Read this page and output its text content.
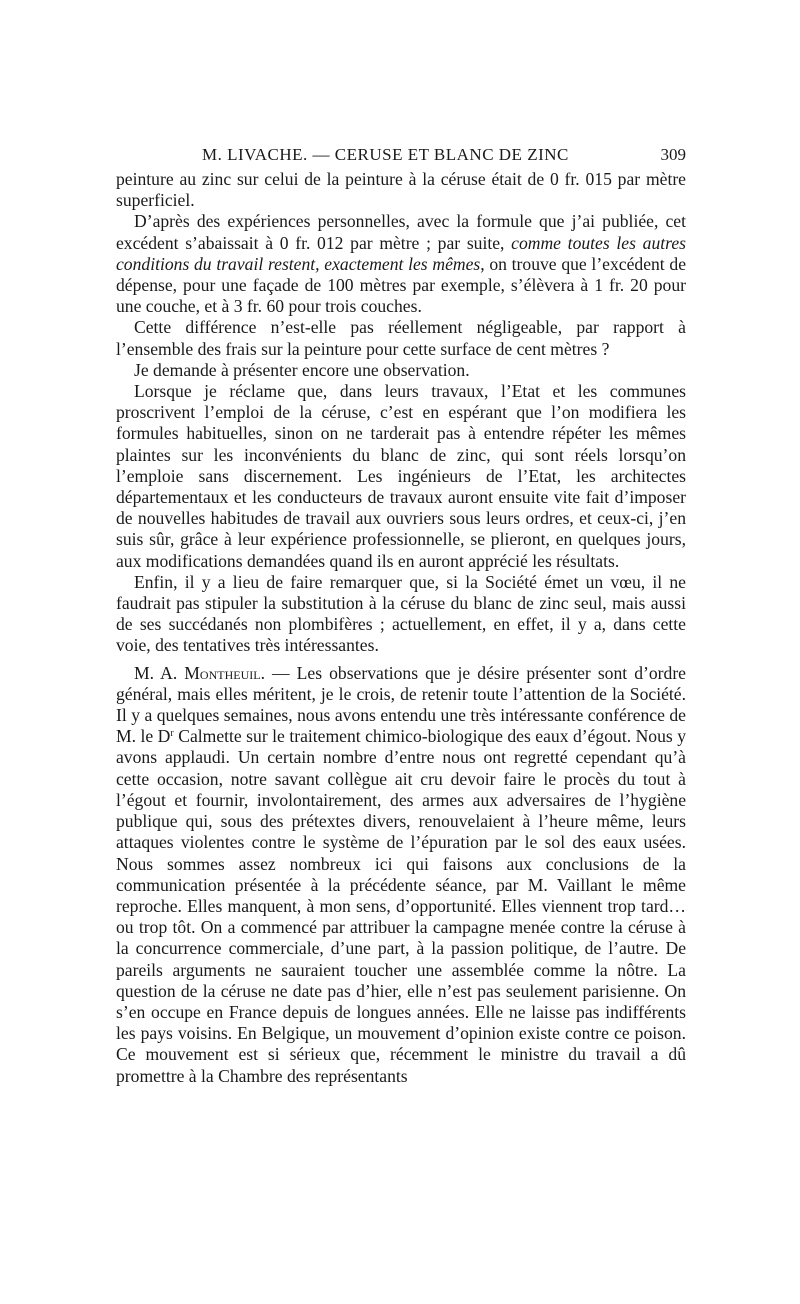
M. LIVACHE. — CERUSE ET BLANC DE ZINC	309

peinture au zinc sur celui de la peinture à la céruse était de 0 fr. 015 par mètre superficiel.

D’après des expériences personnelles, avec la formule que j’ai publiée, cet excédent s’abaissait à 0 fr. 012 par mètre ; par suite, comme toutes les autres conditions du travail restent, exactement les mêmes, on trouve que l’excédent de dépense, pour une façade de 100 mètres par exemple, s’élèvera à 1 fr. 20 pour une couche, et à 3 fr. 60 pour trois couches.

Cette différence n’est-elle pas réellement négligeable, par rapport à l’ensemble des frais sur la peinture pour cette surface de cent mètres ?

Je demande à présenter encore une observation.

Lorsque je réclame que, dans leurs travaux, l’Etat et les communes proscrivent l’emploi de la céruse, c’est en espérant que l’on modifiera les formules habituelles, sinon on ne tarderait pas à entendre répéter les mêmes plaintes sur les inconvénients du blanc de zinc, qui sont réels lorsqu’on l’emploie sans discernement. Les ingénieurs de l’Etat, les architectes départementaux et les conducteurs de travaux auront ensuite vite fait d’imposer de nouvelles habitudes de travail aux ouvriers sous leurs ordres, et ceux-ci, j’en suis sûr, grâce à leur expérience professionnelle, se plieront, en quelques jours, aux modifications demandées quand ils en auront apprécié les résultats.

Enfin, il y a lieu de faire remarquer que, si la Société émet un vœu, il ne faudrait pas stipuler la substitution à la céruse du blanc de zinc seul, mais aussi de ses succédanés non plombifères ; actuellement, en effet, il y a, dans cette voie, des tentatives très intéressantes.

M. A. Montheuil. — Les observations que je désire présenter sont d’ordre général, mais elles méritent, je le crois, de retenir toute l’attention de la Société. Il y a quelques semaines, nous avons entendu une très intéressante conférence de M. le $D^r$ Calmette sur le traitement chimico-biologique des eaux d’égout. Nous y avons applaudi. Un certain nombre d’entre nous ont regretté cependant qu’à cette occasion, notre savant collègue ait cru devoir faire le procès du tout à l’égout et fournir, involontairement, des armes aux adversaires de l’hygiène publique qui, sous des prétextes divers, renouvelaient à l’heure même, leurs attaques violentes contre le système de l’épuration par le sol des eaux usées. Nous sommes assez nombreux ici qui faisons aux conclusions de la communication présentée à la précédente séance, par M. Vaillant le même reproche. Elles manquent, à mon sens, d’opportunité. Elles viennent trop tard… ou trop tôt. On a commencé par attribuer la campagne menée contre la céruse à la concurrence commerciale, d’une part, à la passion politique, de l’autre. De pareils arguments ne sauraient toucher une assemblée comme la nôtre. La question de la céruse ne date pas d’hier, elle n’est pas seulement parisienne. On s’en occupe en France depuis de longues années. Elle ne laisse pas indifférents les pays voisins. En Belgique, un mouvement d’opinion existe contre ce poison. Ce mouvement est si sérieux que, récemment le ministre du travail a dû promettre à la Chambre des représentants
